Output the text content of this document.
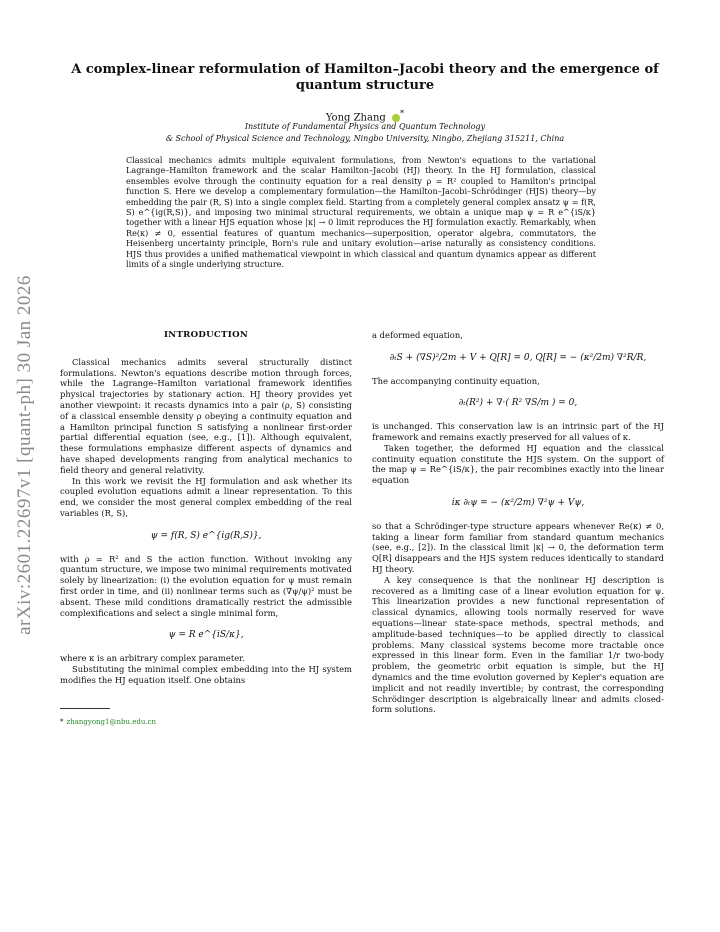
arXiv:2601.22697v1 [quant-ph] 30 Jan 2026
A complex-linear reformulation of Hamilton–Jacobi theory and the emergence of quantum structure
Yong Zhang *
Institute of Fundamental Physics and Quantum Technology
& School of Physical Science and Technology, Ningbo University, Ningbo, Zhejiang 315211, China
Classical mechanics admits multiple equivalent formulations, from Newton's equations to the variational Lagrange–Hamilton framework and the scalar Hamilton–Jacobi (HJ) theory. In the HJ formulation, classical ensembles evolve through the continuity equation for a real density ρ = R² coupled to Hamilton's principal function S. Here we develop a complementary formulation—the Hamilton–Jacobi–Schrödinger (HJS) theory—by embedding the pair (R, S) into a single complex field. Starting from a completely general complex ansatz ψ = f(R, S) e^{ig(R,S)}, and imposing two minimal structural requirements, we obtain a unique map ψ = R e^{iS/κ} together with a linear HJS equation whose |κ| → 0 limit reproduces the HJ formulation exactly. Remarkably, when Re(κ) ≠ 0, essential features of quantum mechanics—superposition, operator algebra, commutators, the Heisenberg uncertainty principle, Born's rule and unitary evolution—arise naturally as consistency conditions. HJS thus provides a unified mathematical viewpoint in which classical and quantum dynamics appear as different limits of a single underlying structure.
INTRODUCTION

Classical mechanics admits several structurally distinct formulations. Newton's equations describe motion through forces, while the Lagrange–Hamilton variational framework identifies physical trajectories by stationary action. HJ theory provides yet another viewpoint: it recasts dynamics into a pair (ρ, S) consisting of a classical ensemble density ρ obeying a continuity equation and a Hamilton principal function S satisfying a nonlinear first-order partial differential equation (see, e.g., [1]). Although equivalent, these formulations emphasize different aspects of dynamics and have shaped developments ranging from analytical mechanics to field theory and general relativity.

In this work we revisit the HJ formulation and ask whether its coupled evolution equations admit a linear representation. To this end, we consider the most general complex embedding of the real variables (R, S),

ψ = f(R, S) e^{ig(R,S)},

with ρ = R² and S the action function. Without invoking any quantum structure, we impose two minimal requirements motivated solely by linearization: (i) the evolution equation for ψ must remain first order in time, and (ii) nonlinear terms such as (∇ψ/ψ)² must be absent. These mild conditions dramatically restrict the admissible complexifications and select a single minimal form,

ψ = R e^{iS/κ},

where κ is an arbitrary complex parameter.

Substituting the minimal complex embedding into the HJ system modifies the HJ equation itself. One obtains

* zhangyong1@nbu.edu.cn

a deformed equation,

∂ₜS + (∇S)²/2m + V + Q[R] = 0, Q[R] = − (κ²/2m) ∇²R/R,

The accompanying continuity equation,

∂ₜ(R²) + ∇·( R² ∇S/m ) = 0,

is unchanged. This conservation law is an intrinsic part of the HJ framework and remains exactly preserved for all values of κ.

Taken together, the deformed HJ equation and the classical continuity equation constitute the HJS system. On the support of the map ψ = Re^{iS/κ}, the pair recombines exactly into the linear equation

iκ ∂ₜψ = − (κ²/2m) ∇²ψ + Vψ,

so that a Schrödinger-type structure appears whenever Re(κ) ≠ 0, taking a linear form familiar from standard quantum mechanics (see, e.g., [2]). In the classical limit |κ| → 0, the deformation term Q[R] disappears and the HJS system reduces identically to standard HJ theory.

A key consequence is that the nonlinear HJ description is recovered as a limiting case of a linear evolution equation for ψ. This linearization provides a new functional representation of classical dynamics, allowing tools normally reserved for wave equations—linear state-space methods, spectral methods, and amplitude-based techniques—to be applied directly to classical problems. Many classical systems become more tractable once expressed in this linear form. Even in the familiar 1/r two-body problem, the geometric orbit equation is simple, but the HJ dynamics and the time evolution governed by Kepler's equation are implicit and not readily invertible; by contrast, the corresponding Schrödinger description is algebraically linear and admits closed-form solutions.
